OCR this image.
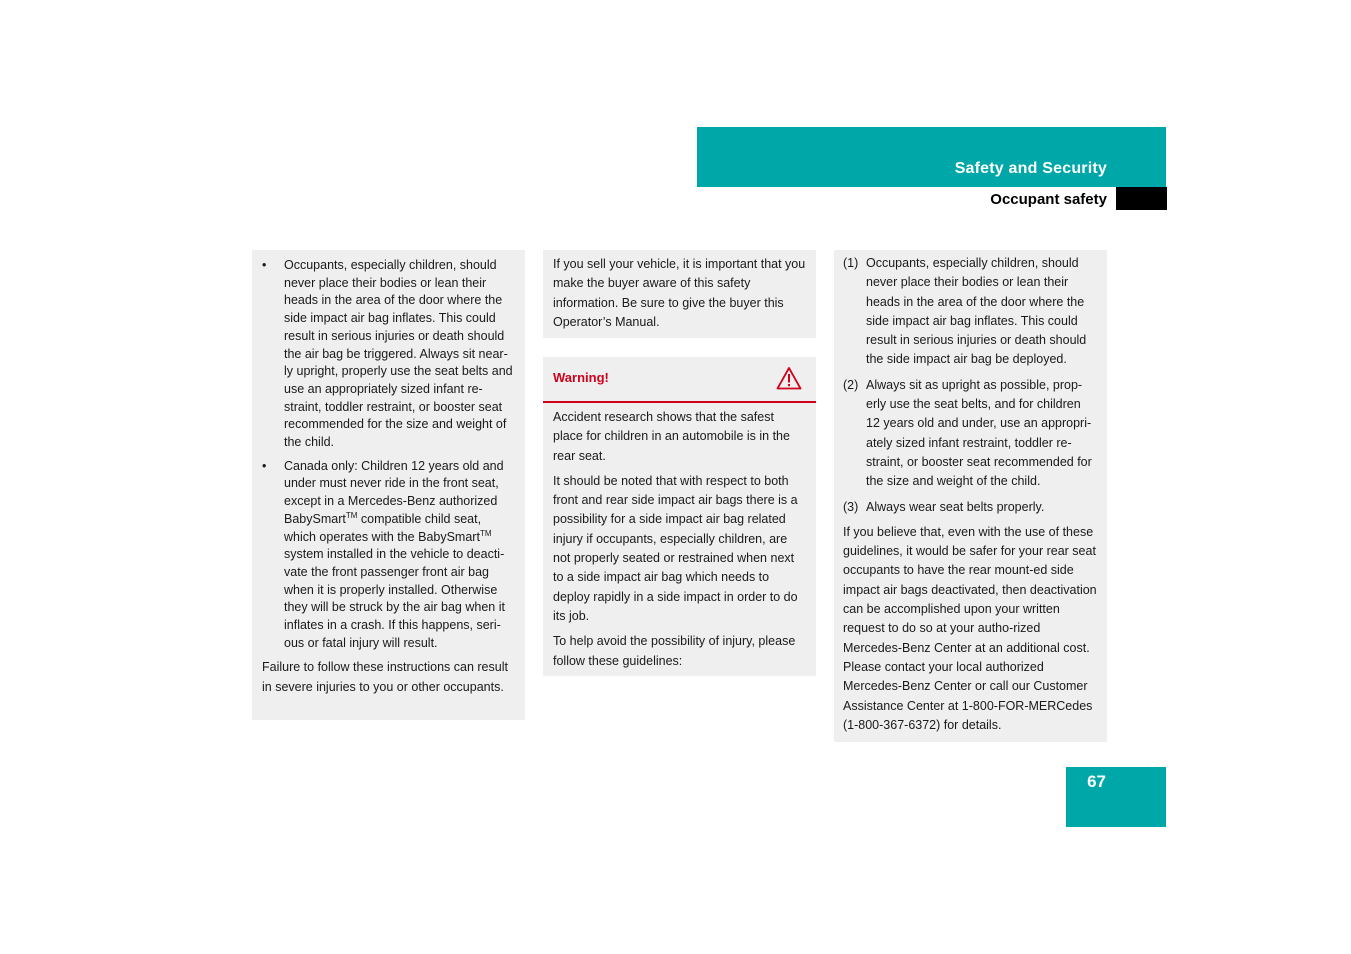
Safety and Security
Occupant safety
•	Occupants, especially children, should never place their bodies or lean their heads in the area of the door where the side impact air bag inflates. This could result in serious injuries or death should the air bag be triggered. Always sit near-ly upright, properly use the seat belts and use an appropriately sized infant re-straint, toddler restraint, or booster seat recommended for the size and weight of the child.
•	Canada only: Children 12 years old and under must never ride in the front seat, except in a Mercedes-Benz authorized BabySmart™ compatible child seat, which operates with the BabySmart™ system installed in the vehicle to deacti-vate the front passenger front air bag when it is properly installed. Otherwise they will be struck by the air bag when it inflates in a crash. If this happens, seri-ous or fatal injury will result.

Failure to follow these instructions can result in severe injuries to you or other occupants.

If you sell your vehicle, it is important that you make the buyer aware of this safety information. Be sure to give the buyer this Operator’s Manual.

Warning!

Accident research shows that the safest place for children in an automobile is in the rear seat.

It should be noted that with respect to both front and rear side impact air bags there is a possibility for a side impact air bag related injury if occupants, especially children, are not properly seated or restrained when next to a side impact air bag which needs to deploy rapidly in a side impact in order to do its job.

To help avoid the possibility of injury, please follow these guidelines:

(1) Occupants, especially children, should never place their bodies or lean their heads in the area of the door where the side impact air bag inflates. This could result in serious injuries or death should the side impact air bag be deployed.
(2) Always sit as upright as possible, prop-erly use the seat belts, and for children 12 years old and under, use an appropri-ately sized infant restraint, toddler re-straint, or booster seat recommended for the size and weight of the child.
(3) Always wear seat belts properly.

If you believe that, even with the use of these guidelines, it would be safer for your rear seat occupants to have the rear mount-ed side impact air bags deactivated, then deactivation can be accomplished upon your written request to do so at your autho-rized Mercedes-Benz Center at an additional cost. Please contact your local authorized Mercedes-Benz Center or call our Customer Assistance Center at 1-800-FOR-MERCedes (1-800-367-6372) for details.

67
